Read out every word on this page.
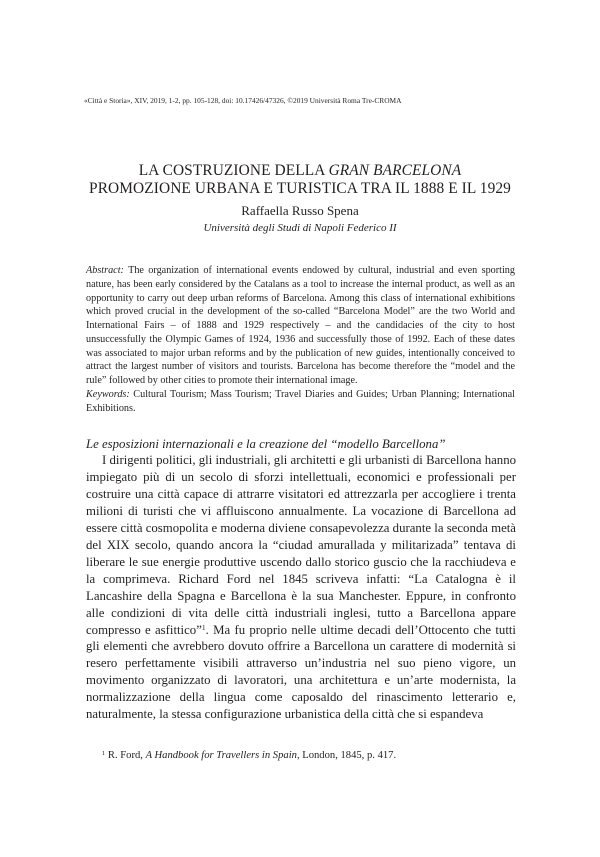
«Città e Storia», XIV, 2019, 1-2, pp. 105-128, doi: 10.17426/47326, ©2019 Università Roma Tre-CROMA
LA COSTRUZIONE DELLA GRAN BARCELONA
PROMOZIONE URBANA E TURISTICA TRA IL 1888 E IL 1929
Raffaella Russo Spena
Università degli Studi di Napoli Federico II

Abstract: The organization of international events endowed by cultural, industrial and even sporting nature, has been early considered by the Catalans as a tool to increase the internal product, as well as an opportunity to carry out deep urban reforms of Barcelona. Among this class of international exhibitions which proved crucial in the development of the so-called “Barcelona Model” are the two World and International Fairs – of 1888 and 1929 respectively – and the candidacies of the city to host unsuccessfully the Olympic Games of 1924, 1936 and successfully those of 1992. Each of these dates was associated to major urban reforms and by the publication of new guides, intentionally conceived to attract the largest number of visitors and tourists. Barcelona has become therefore the “model and the rule” followed by other cities to promote their international image.

Keywords: Cultural Tourism; Mass Tourism; Travel Diaries and Guides; Urban Planning; International Exhibitions.

Le esposizioni internazionali e la creazione del “modello Barcellona”

I dirigenti politici, gli industriali, gli architetti e gli urbanisti di Barcellona hanno impiegato più di un secolo di sforzi intellettuali, economici e professionali per costruire una città capace di attrarre visitatori ed attrezzarla per accogliere i trenta milioni di turisti che vi affluiscono annualmente. La vocazione di Barcellona ad essere città cosmopolita e moderna diviene consapevolezza durante la seconda metà del XIX secolo, quando ancora la “ciudad amurallada y militarizada” tentava di liberare le sue energie produttive uscendo dallo storico guscio che la racchiudeva e la comprimeva. Richard Ford nel 1845 scriveva infatti: “La Catalogna è il Lancashire della Spagna e Barcellona è la sua Manchester. Eppure, in confronto alle condizioni di vita delle città industriali inglesi, tutto a Barcellona appare compresso e asfittico”$^1$. Ma fu proprio nelle ultime decadi dell’Ottocento che tutti gli elementi che avrebbero dovuto offrire a Barcellona un carattere di modernità si resero perfettamente visibili attraverso un’industria nel suo pieno vigore, un movimento organizzato di lavoratori, una architettura e un’arte modernista, la normalizzazione della lingua come caposaldo del rinascimento letterario e, naturalmente, la stessa configurazione urbanistica della città che si espandeva

$^1$ R. Ford, A Handbook for Travellers in Spain, London, 1845, p. 417.
